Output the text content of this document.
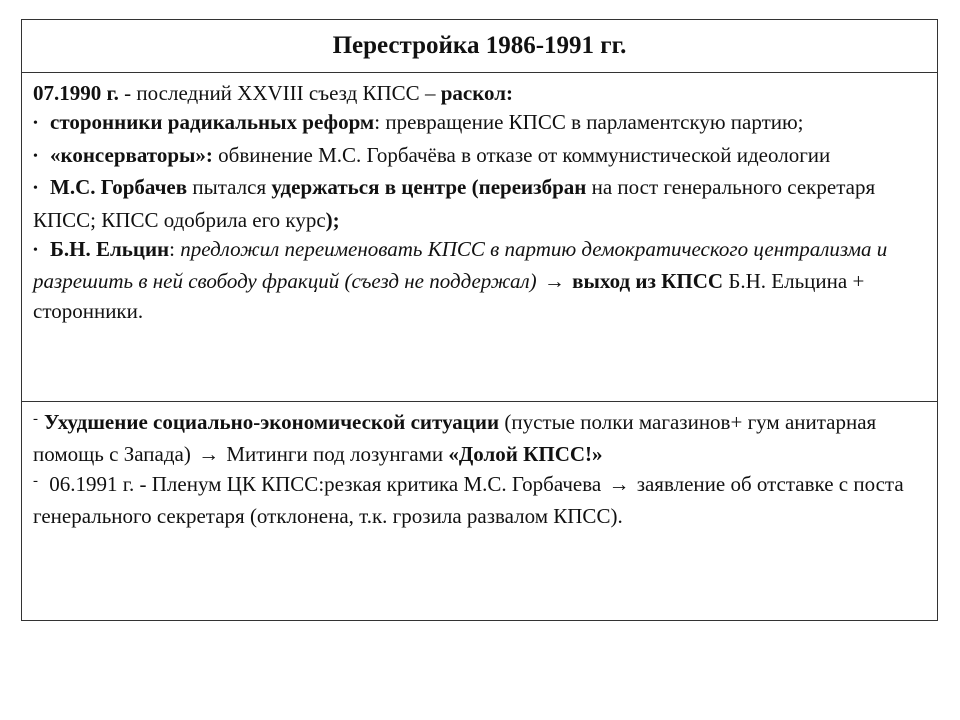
Перестройка 1986-1991 гг.

07.1990 г. - последний XXVIII съезд КПСС – раскол:

• сторонники радикальных реформ: превращение КПСС в парламентскую партию;

• «консерваторы»: обвинение М.С. Горбачёва в отказе от коммунистической идеологии

• М.С. Горбачев пытался удержаться в центре (переизбран на пост генерального секретаря КПСС; КПСС одобрила его курс);

• Б.Н. Ельцин: предложил переименовать КПСС в партию демократического централизма и разрешить в ней свободу фракций (съезд не поддержал) → выход из КПСС Б.Н. Ельцина + сторонники.

- Ухудшение социально-экономической ситуации (пустые полки магазинов+ гум анитарная помощь с Запада) → Митинги под лозунгами «Долой КПСС!»

- 06.1991 г. - Пленум ЦК КПСС:резкая критика М.С. Горбачева → заявление об отставке с поста генерального секретаря (отклонена, т.к. грозила развалом КПСС).
